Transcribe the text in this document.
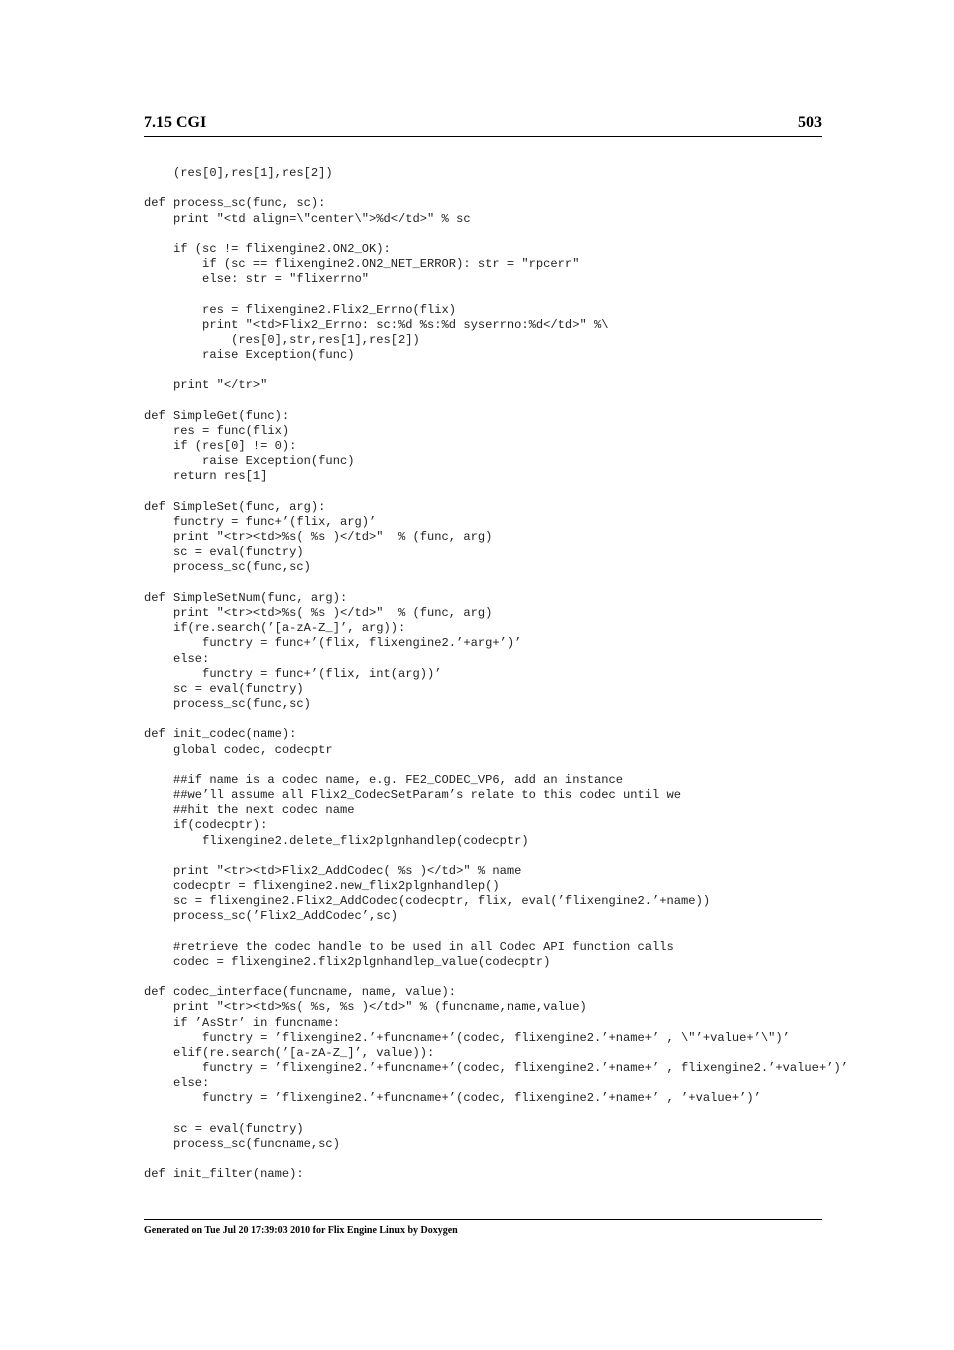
7.15 CGI	503
(res[0],res[1],res[2])

def process_sc(func, sc):
print "<td align=\"center\">%d</td>" % sc

if (sc != flixengine2.ON2_OK):
if (sc == flixengine2.ON2_NET_ERROR): str = "rpcerr"
else: str = "flixerrno"

res = flixengine2.Flix2_Errno(flix)
print "<td>Flix2_Errno: sc:%d %s:%d syserrno:%d</td>" %\
(res[0],str,res[1],res[2])
raise Exception(func)

print "</tr>"

def SimpleGet(func):
res = func(flix)
if (res[0] != 0):
raise Exception(func)
return res[1]

def SimpleSet(func, arg):
functry = func+’(flix, arg)’
print "<tr><td>%s( %s )</td>"  % (func, arg)
sc = eval(functry)
process_sc(func,sc)

def SimpleSetNum(func, arg):
print "<tr><td>%s( %s )</td>"  % (func, arg)
if(re.search(’[a-zA-Z_]’, arg)):
functry = func+’(flix, flixengine2.’+arg+’)’
else:
functry = func+’(flix, int(arg))’
sc = eval(functry)
process_sc(func,sc)

def init_codec(name):
global codec, codecptr

##if name is a codec name, e.g. FE2_CODEC_VP6, add an instance
##we’ll assume all Flix2_CodecSetParam’s relate to this codec until we
##hit the next codec name
if(codecptr):
flixengine2.delete_flix2plgnhandlep(codecptr)

print "<tr><td>Flix2_AddCodec( %s )</td>" % name
codecptr = flixengine2.new_flix2plgnhandlep()
sc = flixengine2.Flix2_AddCodec(codecptr, flix, eval(’flixengine2.’+name))
process_sc(’Flix2_AddCodec’,sc)

#retrieve the codec handle to be used in all Codec API function calls
codec = flixengine2.flix2plgnhandlep_value(codecptr)

def codec_interface(funcname, name, value):
print "<tr><td>%s( %s, %s )</td>" % (funcname,name,value)
if ’AsStr’ in funcname:
functry = ’flixengine2.’+funcname+’(codec, flixengine2.’+name+’ , \"’+value+’\")’
elif(re.search(’[a-zA-Z_]’, value)):
functry = ’flixengine2.’+funcname+’(codec, flixengine2.’+name+’ , flixengine2.’+value+’)’
else:
functry = ’flixengine2.’+funcname+’(codec, flixengine2.’+name+’ , ’+value+’)’

sc = eval(functry)
process_sc(funcname,sc)

def init_filter(name):
Generated on Tue Jul 20 17:39:03 2010 for Flix Engine Linux by Doxygen
